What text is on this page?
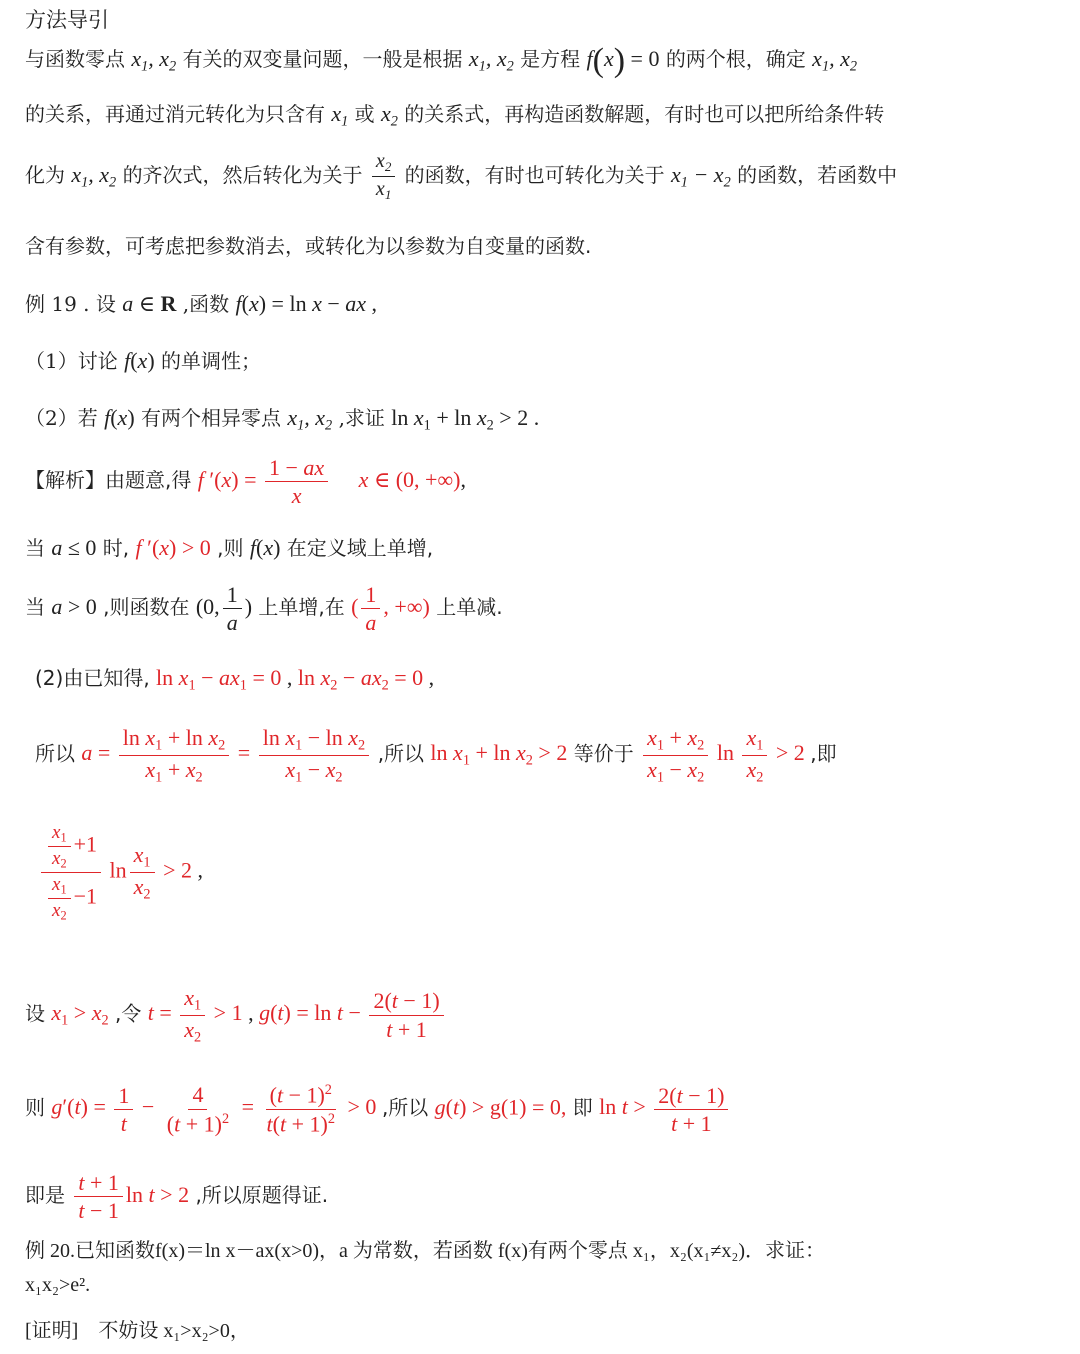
方法导引
与函数零点 $x_1$, $x_2$ 有关的双变量问题，一般是根据 $x_1$, $x_2$ 是方程 f(x) = 0 的两个根，确定 $x_1$, $x_2$
的关系，再通过消元转化为只含有 $x_1$ 或 $x_2$ 的关系式，再构造函数解题，有时也可以把所给条件转
化为 $x_1$, $x_2$ 的齐次式，然后转化为关于 $\frac{x_2}{x_1}$ 的函数，有时也可转化为关于 $x_1 - x_2$ 的函数，若函数中
含有参数，可考虑把参数消去，或转化为以参数为自变量的函数.
例 19 . 设 a ∈ R ,函数 f(x) = ln x − ax ,
（1）讨论 f(x) 的单调性；
（2）若 f(x) 有两个相异零点 $x_1$, $x_2$ ,求证 $\ln x_1 + \ln x_2 > 2$ .
【解析】由题意,得 f $'(x) = \frac{1 - ax}{x}$ x ∈ (0, +∞),
当 a ≤ 0 时, f ′(x) > 0 ,则 f(x) 在定义域上单增,
当 a > 0 ,则函数在 (0, $\frac{1}{a}$ ) 上单增,在 ( $\frac{1}{a}$ , +∞) 上单减.
(2)由已知得, $\ln x_1 - ax_1 = 0$ , $\ln x_2 - ax_2 = 0$ ,
所以 $a = \frac{\ln x_1 + \ln x_2}{x_1 + x_2} = \frac{\ln x_1 - \ln x_2}{x_1 - x_2}$ ,所以 $\ln x_1 + \ln x_2 > 2$ 等价于 $\frac{x_1 + x_2}{x_1 - x_2}$ $\ln \frac{x_1}{x_2} > 2$ ,即
$\frac{\frac{x_1}{x_2} +1}{\frac{x_1}{x_2} -1}$ $\ln \frac{x_1}{x_2} > 2$ ,
设 $x_1 > x_2$ ,令 $t = \frac{x_1}{x_2} > 1$ , $g(t) = \ln t - \frac{2(t - 1)}{t + 1}$
则 $g'(t) = \frac{1}{t} - \frac{4}{(t + 1)^2} = \frac{(t - 1)^2}{t(t + 1)^2} > 0$ ,所以 g(t) > g(1) = 0, 即 $\ln t > \frac{2(t - 1)}{t + 1}$
即是 $\frac{t + 1}{t - 1}$ ln t > 2 ,所以原题得证.
例 20.已知函数f(x)＝ln x－ax(x>0)，a 为常数，若函数 f(x)有两个零点 x₁，x₂(x₁≠x₂)．求证：
x₁x₂>e².
[证明]　不妨设 x₁>x₂>0，
